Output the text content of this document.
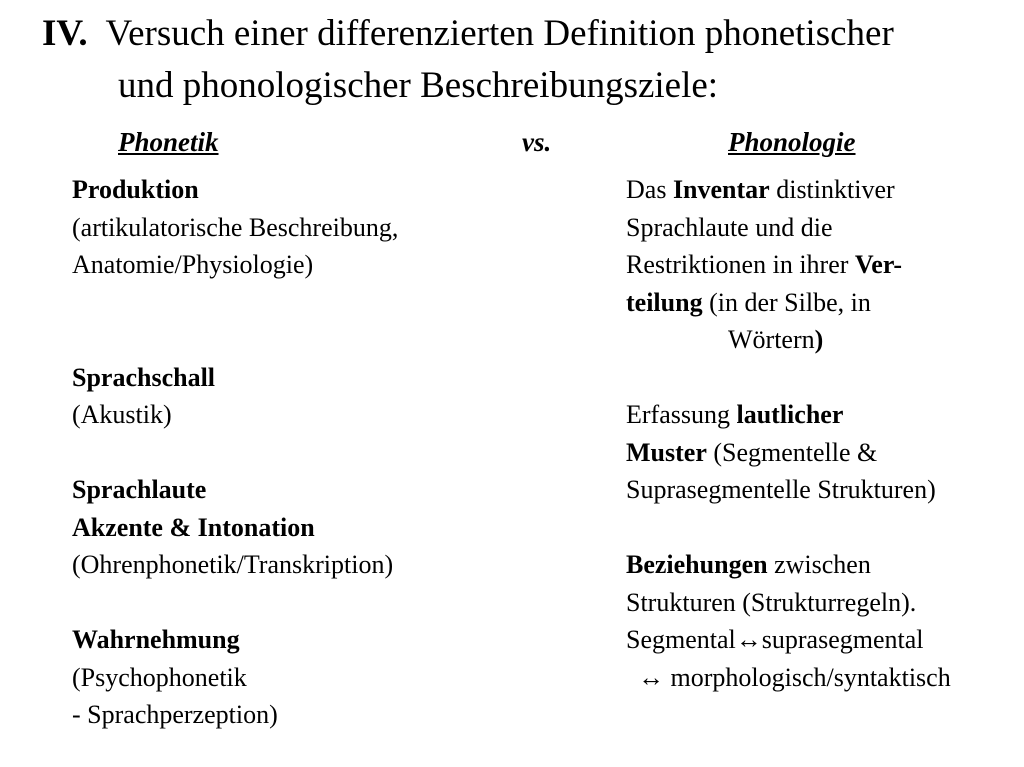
IV. Versuch einer differenzierten Definition phonetischer
und phonologischer Beschreibungsziele:
Phonetik	vs.	Phonologie
Produktion
(artikulatorische Beschreibung,
Anatomie/Physiologie)
Sprachschall
(Akustik)
Sprachlaute
Akzente & Intonation
(Ohrenphonetik/Transkription)
Wahrnehmung
(Psychophonetik
- Sprachperzeption)
Das Inventar distinktiver
Sprachlaute und die
Restriktionen in ihrer Ver-
teilung (in der Silbe, in
Wörtern)
Erfassung lautlicher
Muster (Segmentelle &
Suprasegmentelle Strukturen)
Beziehungen zwischen
Strukturen (Strukturregeln).
Segmental↔suprasegmental
↔ morphologisch/syntaktisch
